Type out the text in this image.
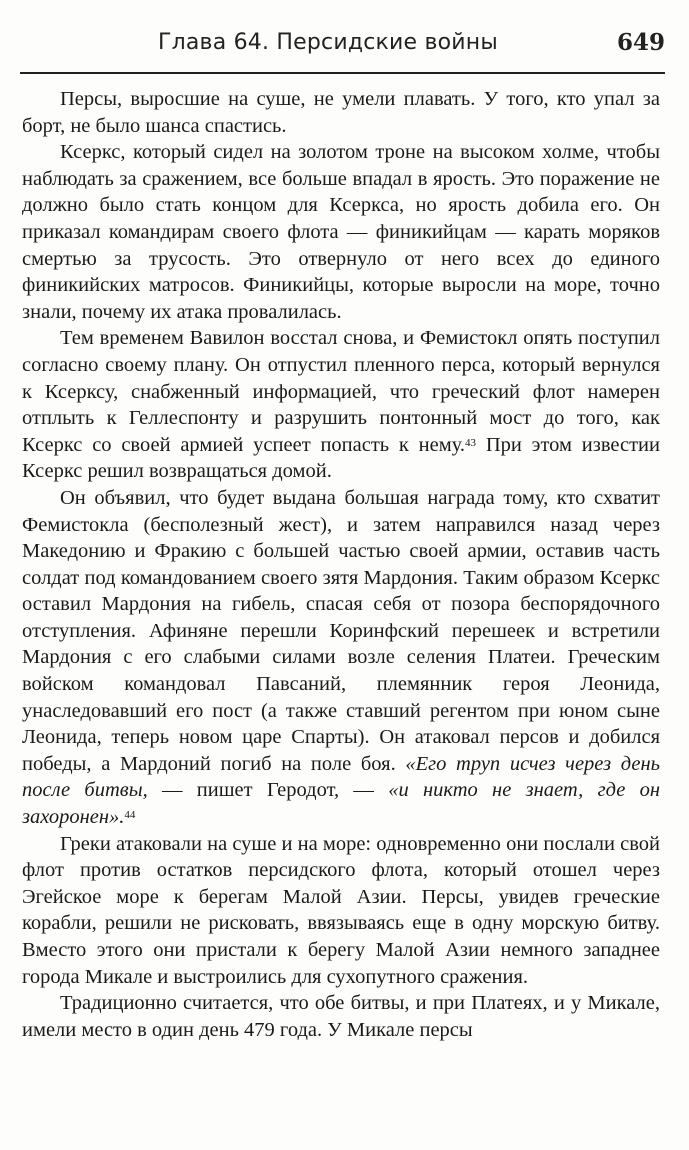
Глава 64. Персидские войны	649

Персы, выросшие на суше, не умели плавать. У того, кто упал за борт, не было шанса спастись.

Ксеркс, который сидел на золотом троне на высоком холме, чтобы наблюдать за сражением, все больше впадал в ярость. Это поражение не должно было стать концом для Ксеркса, но ярость добила его. Он приказал командирам своего флота — финикийцам — карать моряков смертью за трусость. Это отвернуло от него всех до единого финикийских матросов. Финикийцы, которые выросли на море, точно знали, почему их атака провалилась.

Тем временем Вавилон восстал снова, и Фемистокл опять поступил согласно своему плану. Он отпустил пленного перса, который вернулся к Ксерксу, снабженный информацией, что греческий флот намерен отплыть к Геллеспонту и разрушить понтонный мост до того, как Ксеркс со своей армией успеет попасть к нему.$^{43}$ При этом известии Ксеркс решил возвращаться домой.

Он объявил, что будет выдана большая награда тому, кто схватит Фемистокла (бесполезный жест), и затем направился назад через Македонию и Фракию с большей частью своей армии, оставив часть солдат под командованием своего зятя Мардония. Таким образом Ксеркс оставил Мардония на гибель, спасая себя от позора беспорядочного отступления. Афиняне перешли Коринфский перешеек и встретили Мардония с его слабыми силами возле селения Платеи. Греческим войском командовал Павсаний, племянник героя Леонида, унаследовавший его пост (а также ставший регентом при юном сыне Леонида, теперь новом царе Спарты). Он атаковал персов и добился победы, а Мардоний погиб на поле боя. «Его труп исчез через день после битвы, — пишет Геродот, — «и никто не знает, где он захоронен».$^{44}$

Греки атаковали на суше и на море: одновременно они послали свой флот против остатков персидского флота, который отошел через Эгейское море к берегам Малой Азии. Персы, увидев греческие корабли, решили не рисковать, ввязываясь еще в одну морскую битву. Вместо этого они пристали к берегу Малой Азии немного западнее города Микале и выстроились для сухопутного сражения.

Традиционно считается, что обе битвы, и при Платеях, и у Микале, имели место в один день 479 года. У Микале персы
